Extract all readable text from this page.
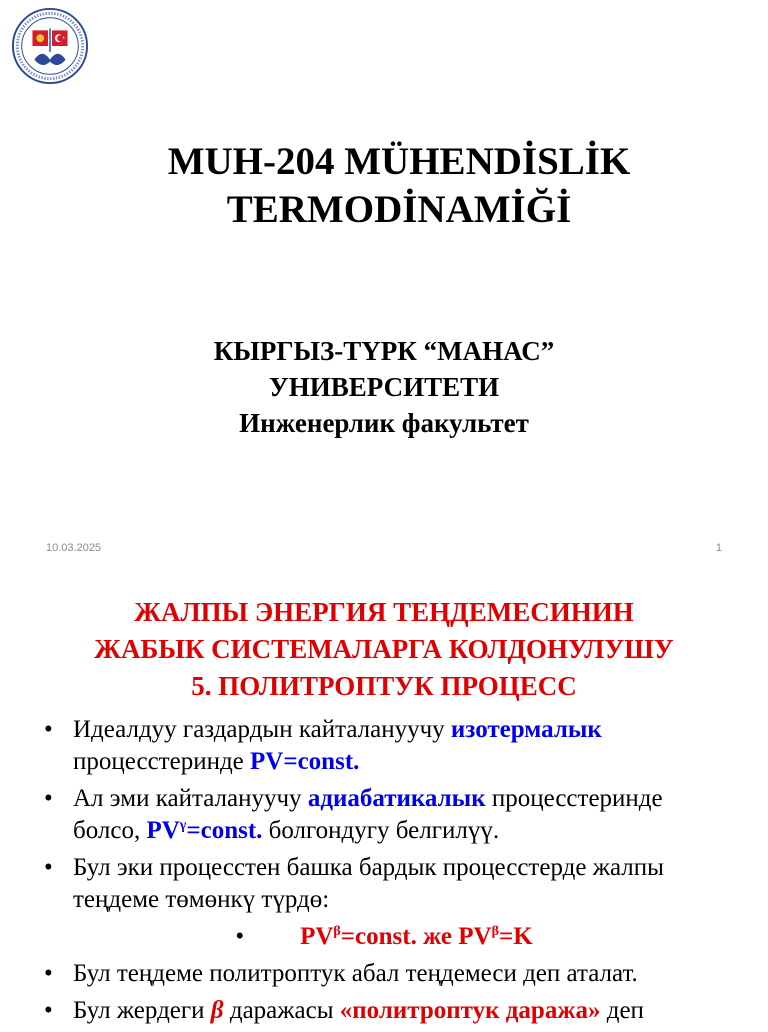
MUH-204 MÜHENDİSLİK
TERMODİNAMİĞİ
КЫРГЫЗ-ТҮРК “МАНАС”
УНИВЕРСИТЕТИ
Инженерлик факультет
10.03.2025	1
ЖАЛПЫ ЭНЕРГИЯ ТЕҢДЕМЕСИНИН
ЖАБЫК СИСТЕМАЛАРГА КОЛДОНУЛУШУ
5. ПОЛИТРОПТУК ПРОЦЕСС
• Идеалдуу газдардын кайталануучу изотермалык
процесстеринде PV=const.
• Ал эми кайталануучу адиабатикалык процесстеринде болсо, $PV^\gamma=const$. болгондугу белгилүү.
• Бул эки процесстен башка бардык процесстерде жалпы теңдеме төмөнкү түрдө:
• $PV^\beta=const$. же $PV^\beta=K$
• Бул теңдеме политроптук абал теңдемеси деп аталат.
• Бул жердеги β даражасы «политроптук даража» деп
